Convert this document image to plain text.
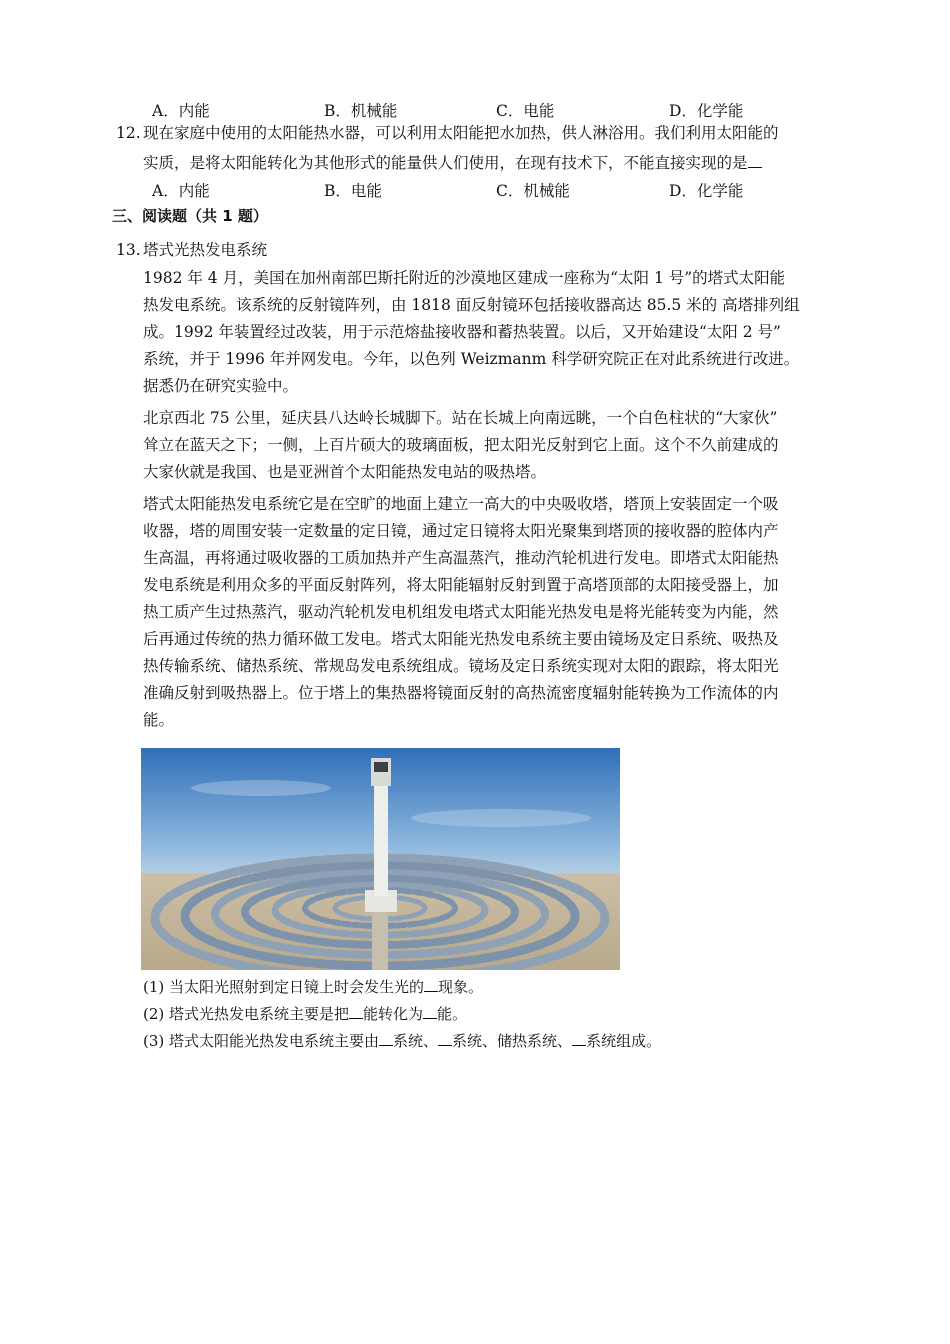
A．内能	B．机械能	C．电能	D．化学能
12. 现在家庭中使用的太阳能热水器，可以利用太阳能把水加热，供人淋浴用。我们利用太阳能的
实质，是将太阳能转化为其他形式的能量供人们使用，在现有技术下，不能直接实现的是
A．内能	B．电能	C．机械能	D．化学能
三、阅读题（共 1 题）
13. 塔式光热发电系统
1982 年 4 月，美国在加州南部巴斯托附近的沙漠地区建成一座称为“太阳 1 号”的塔式太阳能
热发电系统。该系统的反射镜阵列，由 1818 面反射镜环包括接收器高达 85.5 米的 高塔排列组
成。1992 年装置经过改装，用于示范熔盐接收器和蓄热装置。以后，又开始建设“太阳 2 号”
系统，并于 1996 年并网发电。今年，以色列 Weizmanm 科学研究院正在对此系统进行改进。
据悉仍在研究实验中。
北京西北 75 公里，延庆县八达岭长城脚下。站在长城上向南远眺，一个白色柱状的“大家伙”
耸立在蓝天之下；一侧，上百片硕大的玻璃面板，把太阳光反射到它上面。这个不久前建成的
大家伙就是我国、也是亚洲首个太阳能热发电站的吸热塔。
塔式太阳能热发电系统它是在空旷的地面上建立一高大的中央吸收塔，塔顶上安装固定一个吸
收器，塔的周围安装一定数量的定日镜，通过定日镜将太阳光聚集到塔顶的接收器的腔体内产
生高温，再将通过吸收器的工质加热并产生高温蒸汽，推动汽轮机进行发电。即塔式太阳能热
发电系统是利用众多的平面反射阵列，将太阳能辐射反射到置于高塔顶部的太阳接受器上，加
热工质产生过热蒸汽，驱动汽轮机发电机组发电塔式太阳能光热发电是将光能转变为内能，然
后再通过传统的热力循环做工发电。塔式太阳能光热发电系统主要由镜场及定日系统、吸热及
热传输系统、储热系统、常规岛发电系统组成。镜场及定日系统实现对太阳的跟踪，将太阳光
准确反射到吸热器上。位于塔上的集热器将镜面反射的高热流密度辐射能转换为工作流体的内
能。
(1) 当太阳光照射到定日镜上时会发生光的 现象。
(2) 塔式光热发电系统主要是把 能转化为 能。
(3) 塔式太阳能光热发电系统主要由 系统、 系统、储热系统、 系统组成。
